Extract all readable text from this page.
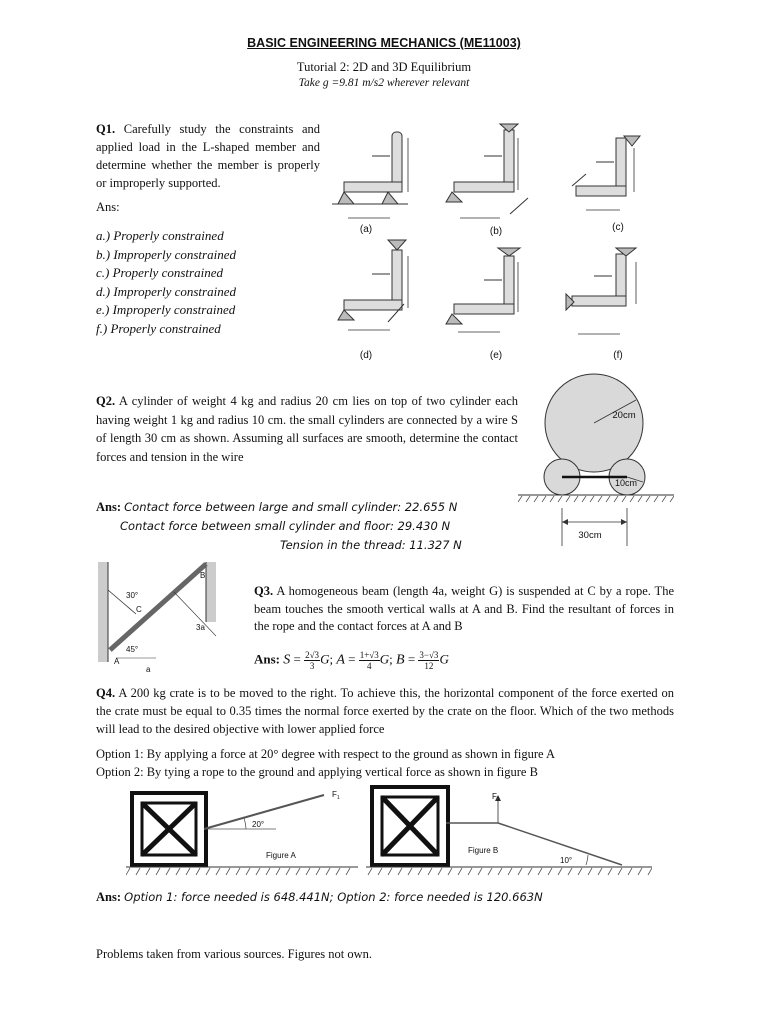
BASIC ENGINEERING MECHANICS (ME11003)
Tutorial 2: 2D and 3D Equilibrium
Take g =9.81 m/s2 wherever relevant
Q1. Carefully study the constraints and applied load in the L-shaped member and determine whether the member is properly or improperly supported.
Ans:
a.) Properly constrained
b.) Improperly constrained
c.) Properly constrained
d.) Improperly constrained
e.) Improperly constrained
f.) Properly constrained
(a)	(b)	(c)
(d)	(e)	(f)
Q2. A cylinder of weight 4 kg and radius 20 cm lies on top of two cylinder each having weight 1 kg and radius 10 cm. the small cylinders are connected by a wire S of length 30 cm as shown. Assuming all surfaces are smooth, determine the contact forces and tension in the wire
Ans: Contact force between large and small cylinder: 22.655 N
Contact force between small cylinder and floor: 29.430 N
Tension in the thread: 11.327 N
20cm
10cm
30cm
30°
45°
B
C
A
3a
a
Q3. A homogeneous beam (length 4a, weight G) is suspended at C by a rope. The beam touches the smooth vertical walls at A and B. Find the resultant of forces in the rope and the contact forces at A and B
Ans: $S = \frac{2√3}{3} G$; $A = \frac{1+√3}{4} G$; $B = \frac{3-√3}{12}$ G
Q4. A 200 kg crate is to be moved to the right. To achieve this, the horizontal component of the force exerted on the crate must be equal to 0.35 times the normal force exerted by the crate on the floor. Which of the two methods will lead to the desired objective with lower applied force
Option 1: By applying a force at 20° degree with respect to the ground as shown in figure A
Option 2: By tying a rope to the ground and applying vertical force as shown in figure B
$F_1$
20°
Figure A
$F_2$
Figure B
10°
Ans: Option 1: force needed is 648.441N; Option 2: force needed is 120.663N
Problems taken from various sources. Figures not own.
